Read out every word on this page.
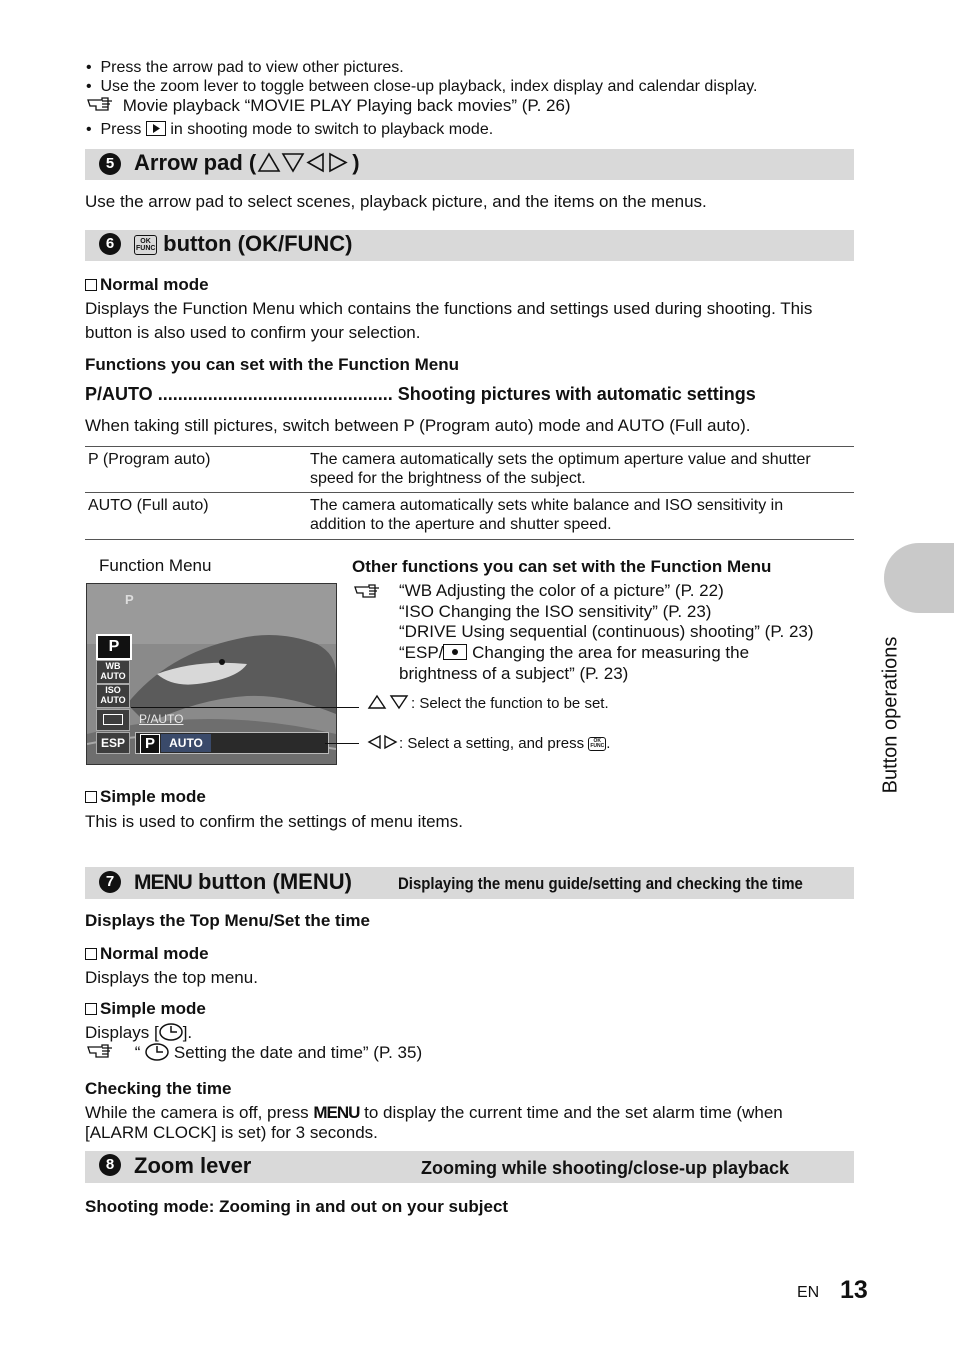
•  Press the arrow pad to view other pictures.
•  Use the zoom lever to toggle between close-up playback, index display and calendar display.
Movie playback “MOVIE PLAY Playing back movies” (P. 26)
•  Press in shooting mode to switch to playback mode.
5 Arrow pad (	)
Use the arrow pad to select scenes, playback picture, and the items on the menus.
6	OK
FUNC button (OK/FUNC)
Normal mode
Displays the Function Menu which contains the functions and settings used during shooting. This
button is also used to confirm your selection.
Functions you can set with the Function Menu
P/AUTO ............................................... Shooting pictures with automatic settings
When taking still pictures, switch between P (Program auto) mode and AUTO (Full auto).
P (Program auto)	The camera automatically sets the optimum aperture value and shutter
speed for the brightness of the subject.
AUTO (Full auto)	The camera automatically sets white balance and ISO sensitivity in
addition to the aperture and shutter speed.
Function Menu
P
P
WB
AUTO
ISO
AUTO
ESP
P/AUTO
P	AUTO
Other functions you can set with the Function Menu
“WB Adjusting the color of a picture” (P. 22)
“ISO Changing the ISO sensitivity” (P. 23)
“DRIVE Using sequential (continuous) shooting” (P. 23)
“ESP/ Changing the area for measuring the
brightness of a subject” (P. 23)
: Select the function to be set.
: Select a setting, and press OK
FUNC .
Simple mode
This is used to confirm the settings of menu items.
7 MENU button (MENU)	Displaying the menu guide/setting and checking the time
Displays the Top Menu/Set the time
Normal mode
Displays the top menu.
Simple mode
Displays [ ].
“ Setting the date and time” (P. 35)
Checking the time
While the camera is off, press MENU to display the current time and the set alarm time (when
[ALARM CLOCK] is set) for 3 seconds.
8 Zoom lever	Zooming while shooting/close-up playback
Shooting mode: Zooming in and out on your subject
Button operations
EN 13
